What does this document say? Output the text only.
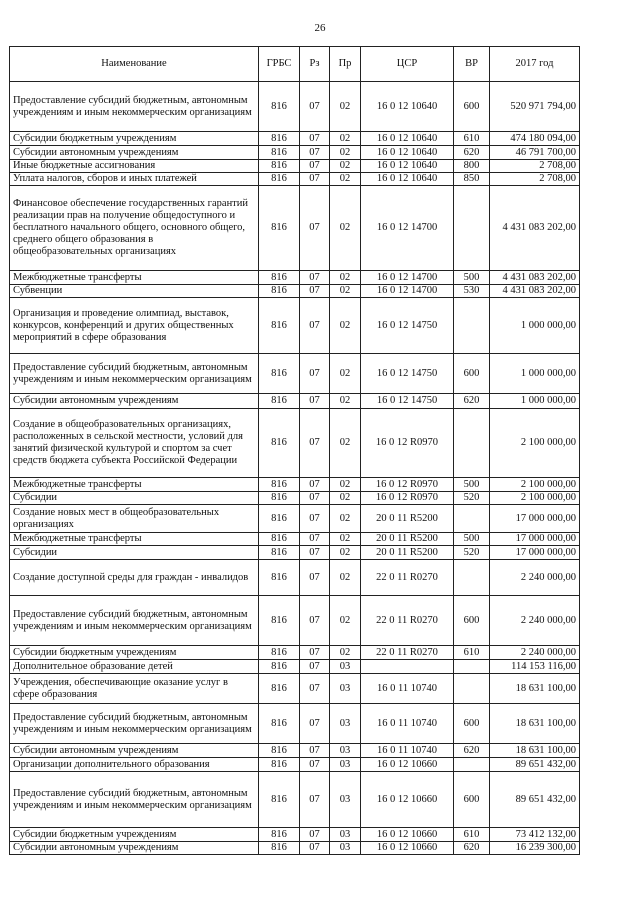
26
Наименование	ГРБС	Рз	Пр	ЦСР	ВР	2017 год
Предоставление субсидий бюджетным, автономным учреждениям и иным некоммерческим организациям	816	07	02	16 0 12 10640	600	520 971 794,00
Субсидии бюджетным учреждениям	816	07	02	16 0 12 10640	610	474 180 094,00
Субсидии автономным учреждениям	816	07	02	16 0 12 10640	620	46 791 700,00
Иные бюджетные ассигнования	816	07	02	16 0 12 10640	800	2 708,00
Уплата налогов, сборов и иных платежей	816	07	02	16 0 12 10640	850	2 708,00
Финансовое обеспечение государственных гарантий реализации прав на получение общедоступного и бесплатного начального общего, основного общего, среднего общего образования в общеобразовательных организациях	816	07	02	16 0 12 14700		4 431 083 202,00
Межбюджетные трансферты	816	07	02	16 0 12 14700	500	4 431 083 202,00
Субвенции	816	07	02	16 0 12 14700	530	4 431 083 202,00
Организация и проведение олимпиад, выставок, конкурсов, конференций и других общественных мероприятий в сфере образования	816	07	02	16 0 12 14750		1 000 000,00
Предоставление субсидий бюджетным, автономным учреждениям и иным некоммерческим организациям	816	07	02	16 0 12 14750	600	1 000 000,00
Субсидии автономным учреждениям	816	07	02	16 0 12 14750	620	1 000 000,00
Создание в общеобразовательных организациях, расположенных в сельской местности, условий для занятий физической культурой и спортом за счет средств бюджета субъекта Российской Федерации	816	07	02	16 0 12 R0970		2 100 000,00
Межбюджетные трансферты	816	07	02	16 0 12 R0970	500	2 100 000,00
Субсидии	816	07	02	16 0 12 R0970	520	2 100 000,00
Создание новых мест в общеобразовательных организациях	816	07	02	20 0 11 R5200		17 000 000,00
Межбюджетные трансферты	816	07	02	20 0 11 R5200	500	17 000 000,00
Субсидии	816	07	02	20 0 11 R5200	520	17 000 000,00
Создание доступной среды для граждан - инвалидов	816	07	02	22 0 11 R0270		2 240 000,00
Предоставление субсидий бюджетным, автономным учреждениям и иным некоммерческим организациям	816	07	02	22 0 11 R0270	600	2 240 000,00
Субсидии бюджетным учреждениям	816	07	02	22 0 11 R0270	610	2 240 000,00
Дополнительное образование детей	816	07	03			114 153 116,00
Учреждения, обеспечивающие оказание услуг в сфере образования	816	07	03	16 0 11 10740		18 631 100,00
Предоставление субсидий бюджетным, автономным учреждениям и иным некоммерческим организациям	816	07	03	16 0 11 10740	600	18 631 100,00
Субсидии автономным учреждениям	816	07	03	16 0 11 10740	620	18 631 100,00
Организации дополнительного образования	816	07	03	16 0 12 10660		89 651 432,00
Предоставление субсидий бюджетным, автономным учреждениям и иным некоммерческим организациям	816	07	03	16 0 12 10660	600	89 651 432,00
Субсидии бюджетным учреждениям	816	07	03	16 0 12 10660	610	73 412 132,00
Субсидии автономным учреждениям	816	07	03	16 0 12 10660	620	16 239 300,00
